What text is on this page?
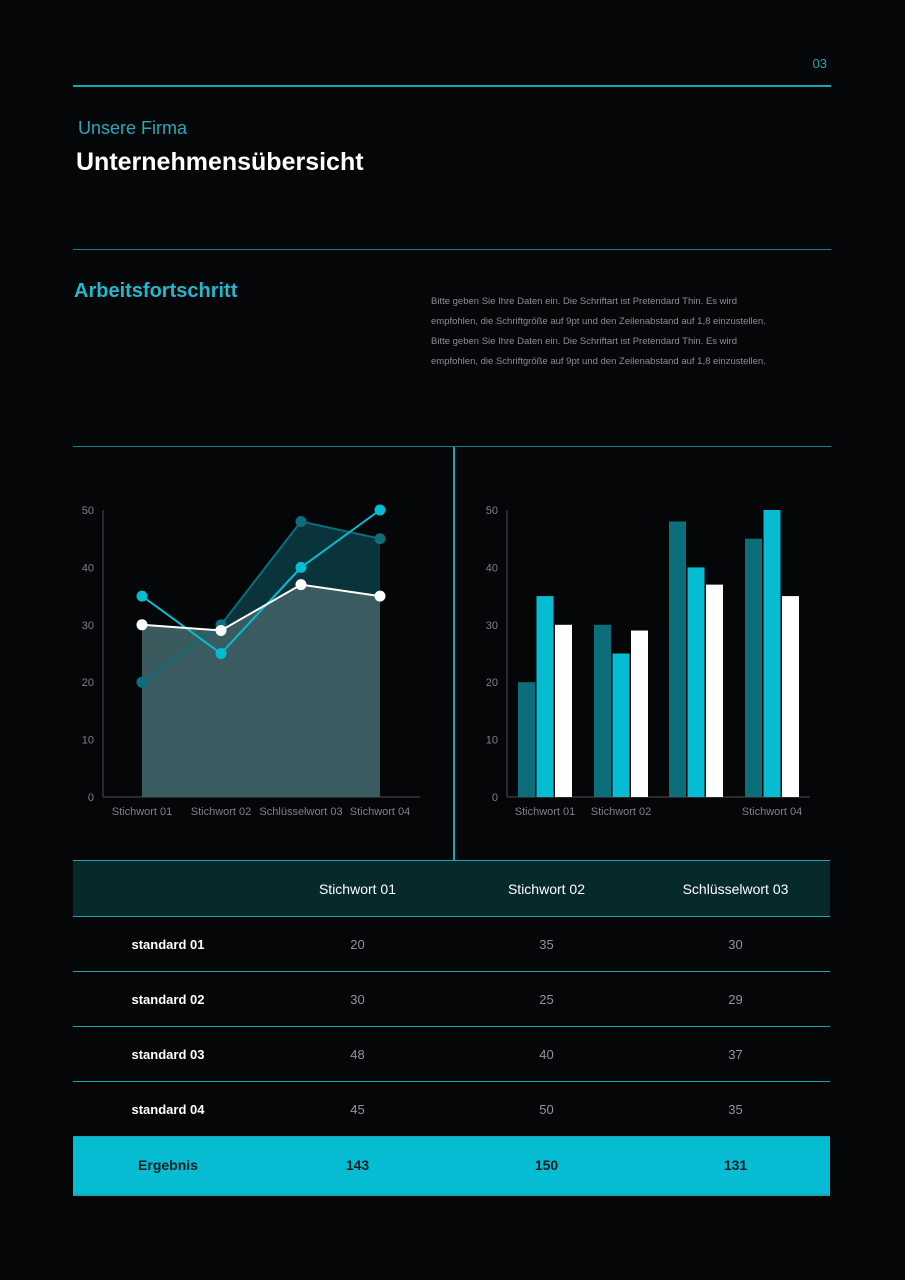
03
Unsere Firma
Unternehmensübersicht
Arbeitsfortschritt	Bitte geben Sie Ihre Daten ein. Die Schriftart ist Pretendard Thin. Es wird

empfohlen, die Schriftgröße auf 9pt und den Zeilenabstand auf 1,8 einzustellen.

Bitte geben Sie Ihre Daten ein. Die Schriftart ist Pretendard Thin. Es wird

empfohlen, die Schriftgröße auf 9pt und den Zeilenabstand auf 1,8 einzustellen.

0
10
20
30
40
50
Stichwort 01 Stichwort 02 Schlüsselwort 03 Stichwort 04
0
10
20
30
40
50
Stichwort 01 Stichwort 02	Stichwort 04
	Stichwort 01	Stichwort 02	Schlüsselwort 03
standard 01	20	35	30
standard 02	30	25	29
standard 03	48	40	37
standard 04	45	50	35
Ergebnis	143	150	131
